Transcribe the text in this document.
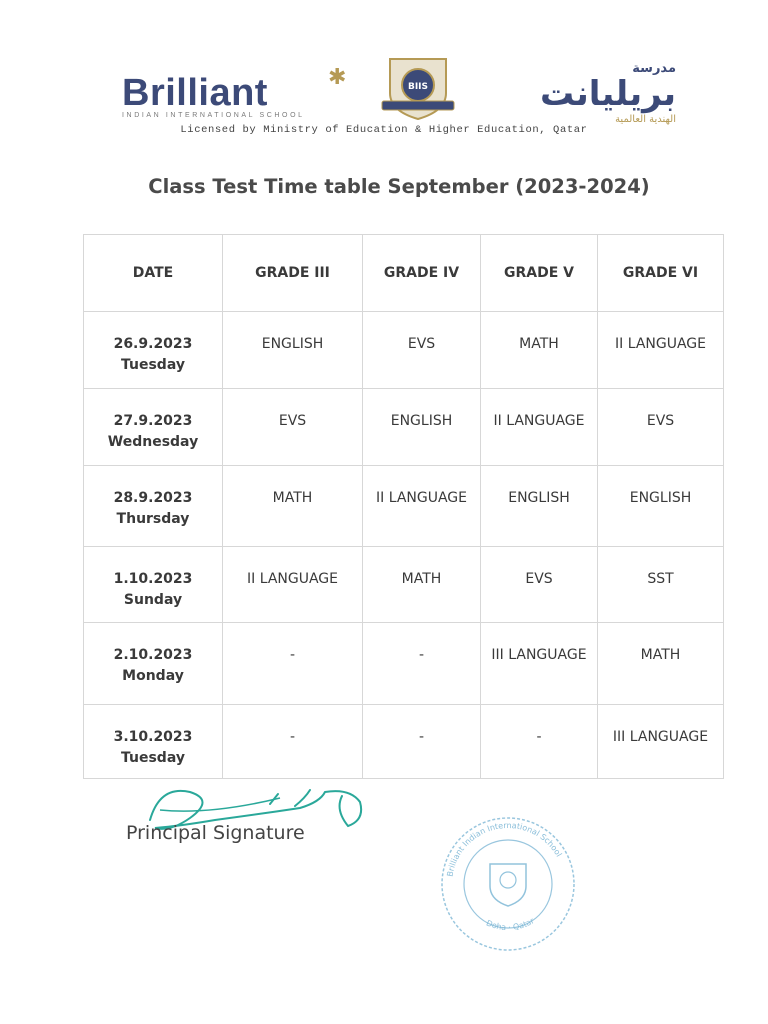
Brilliant	✱
INDIAN INTERNATIONAL SCHOOL
BIIS
مدرسة
بريليانت
الهندية العالمية
Licensed by Ministry of Education & Higher Education, Qatar
Class Test Time table September (2023-2024)
DATE	GRADE III	GRADE IV	GRADE V	GRADE VI

26.9.2023
Tuesday	ENGLISH	EVS	MATH	II LANGUAGE

27.9.2023
Wednesday	EVS	ENGLISH	II LANGUAGE	EVS

28.9.2023
Thursday	MATH	II LANGUAGE	ENGLISH	ENGLISH

1.10.2023
Sunday	II LANGUAGE	MATH	EVS	SST

2.10.2023
Monday	-	-	III LANGUAGE	MATH

3.10.2023
Tuesday	-	-	-	III LANGUAGE
Principal Signature
Brilliant Indian International School
Doha · Qatar
